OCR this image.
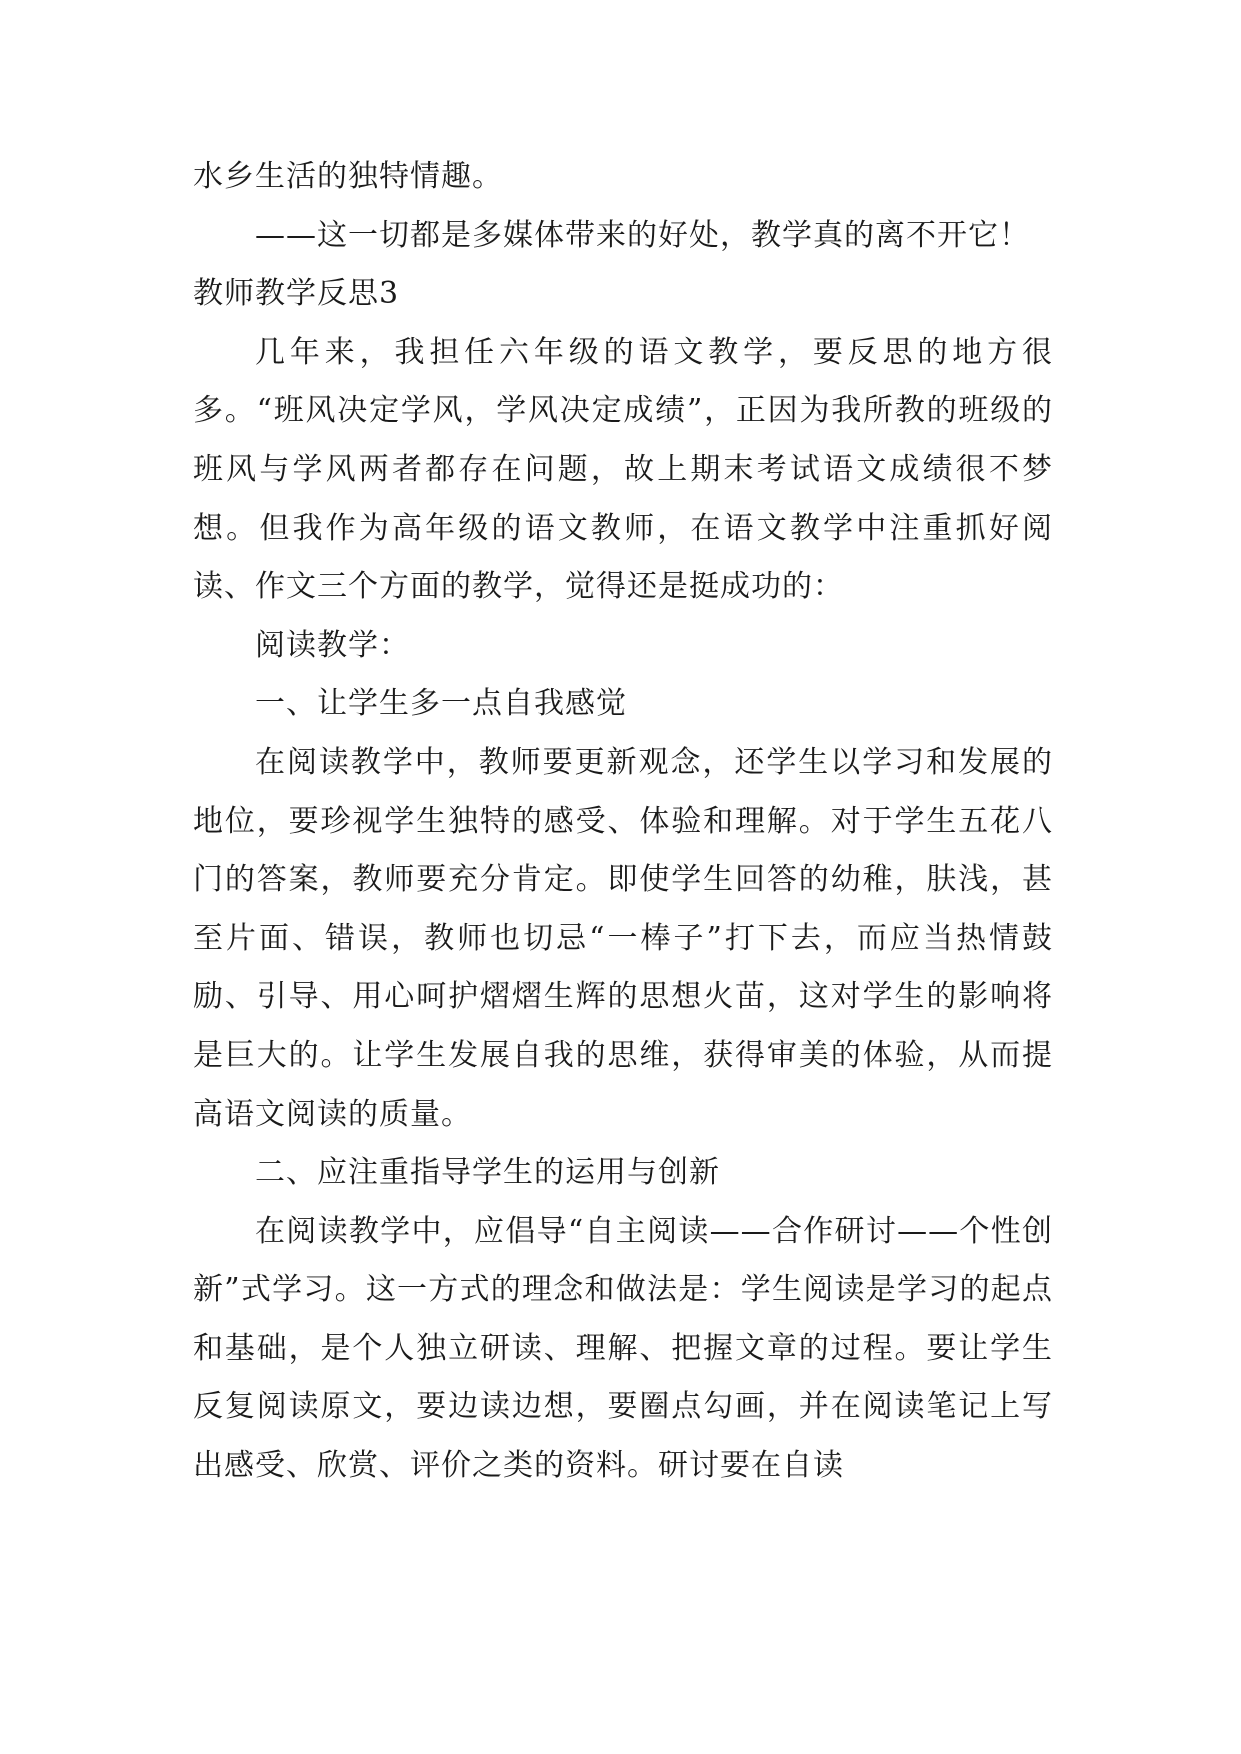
水乡生活的独特情趣。

——这一切都是多媒体带来的好处，教学真的离不开它！

教师教学反思3

几年来，我担任六年级的语文教学，要反思的地方很多。“班风决定学风，学风决定成绩”，正因为我所教的班级的班风与学风两者都存在问题，故上期末考试语文成绩很不梦想。但我作为高年级的语文教师，在语文教学中注重抓好阅读、作文三个方面的教学，觉得还是挺成功的：

阅读教学：

一、让学生多一点自我感觉

在阅读教学中，教师要更新观念，还学生以学习和发展的地位，要珍视学生独特的感受、体验和理解。对于学生五花八门的答案，教师要充分肯定。即使学生回答的幼稚，肤浅，甚至片面、错误，教师也切忌“一棒子”打下去，而应当热情鼓励、引导、用心呵护熠熠生辉的思想火苗，这对学生的影响将是巨大的。让学生发展自我的思维，获得审美的体验，从而提高语文阅读的质量。

二、应注重指导学生的运用与创新

在阅读教学中，应倡导“自主阅读——合作研讨——个性创新”式学习。这一方式的理念和做法是：学生阅读是学习的起点和基础，是个人独立研读、理解、把握文章的过程。要让学生反复阅读原文，要边读边想，要圈点勾画，并在阅读笔记上写出感受、欣赏、评价之类的资料。研讨要在自读
